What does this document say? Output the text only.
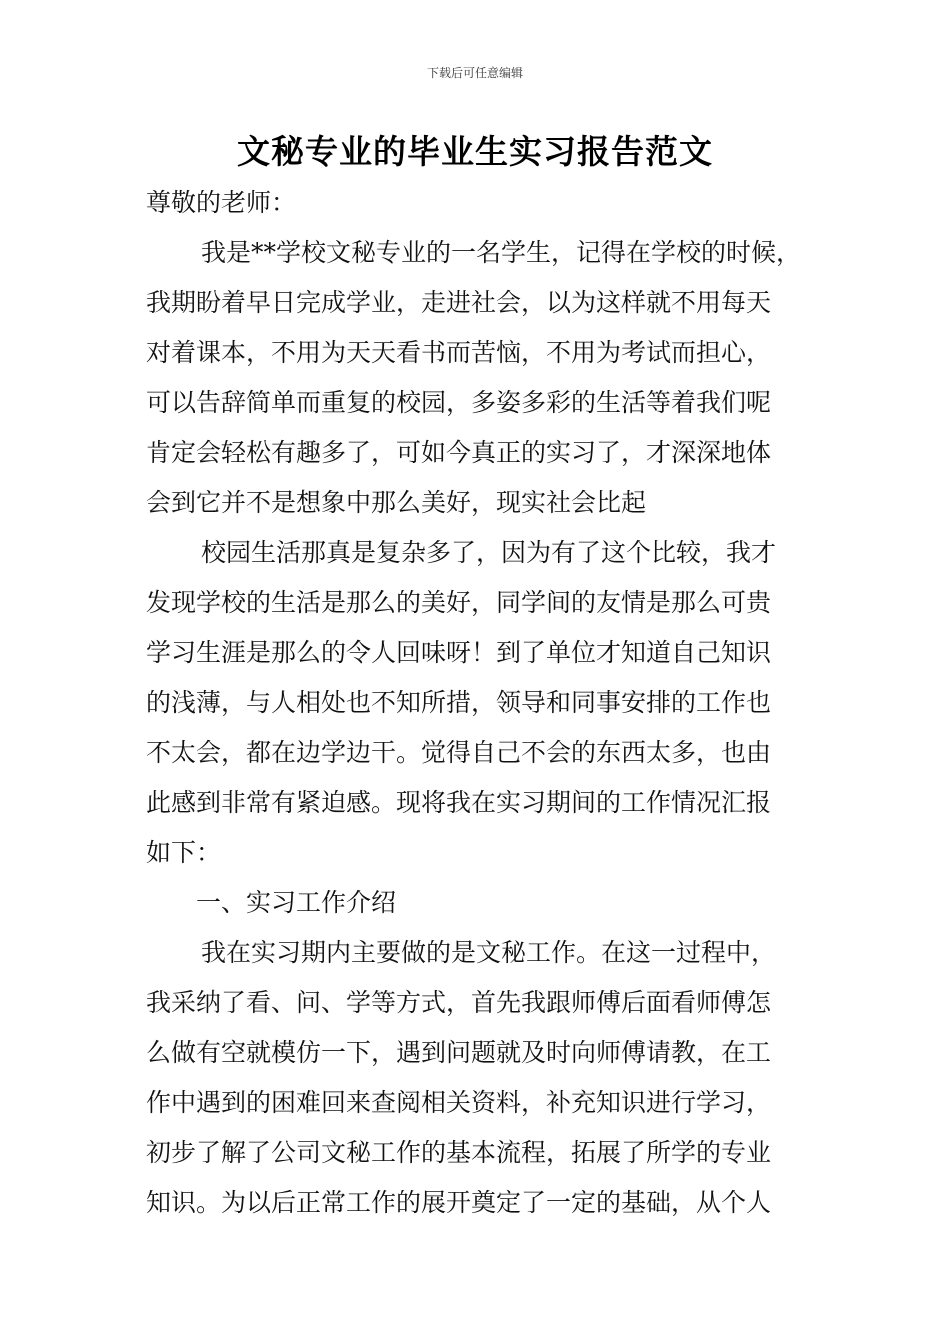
下载后可任意编辑
文秘专业的毕业生实习报告范文
尊敬的老师：
我是**学校文秘专业的一名学生，记得在学校的时候，
我期盼着早日完成学业，走进社会，以为这样就不用每天
对着课本，不用为天天看书而苦恼，不用为考试而担心，
可以告辞简单而重复的校园，多姿多彩的生活等着我们呢
肯定会轻松有趣多了，可如今真正的实习了，才深深地体
会到它并不是想象中那么美好，现实社会比起
校园生活那真是复杂多了，因为有了这个比较，我才
发现学校的生活是那么的美好，同学间的友情是那么可贵
学习生涯是那么的令人回味呀！到了单位才知道自己知识
的浅薄，与人相处也不知所措，领导和同事安排的工作也
不太会，都在边学边干。觉得自己不会的东西太多，也由
此感到非常有紧迫感。现将我在实习期间的工作情况汇报
如下：
一、实习工作介绍
我在实习期内主要做的是文秘工作。在这一过程中，
我采纳了看、问、学等方式，首先我跟师傅后面看师傅怎
么做有空就模仿一下，遇到问题就及时向师傅请教，在工
作中遇到的困难回来查阅相关资料，补充知识进行学习，
初步了解了公司文秘工作的基本流程，拓展了所学的专业
知识。为以后正常工作的展开奠定了一定的基础，从个人
